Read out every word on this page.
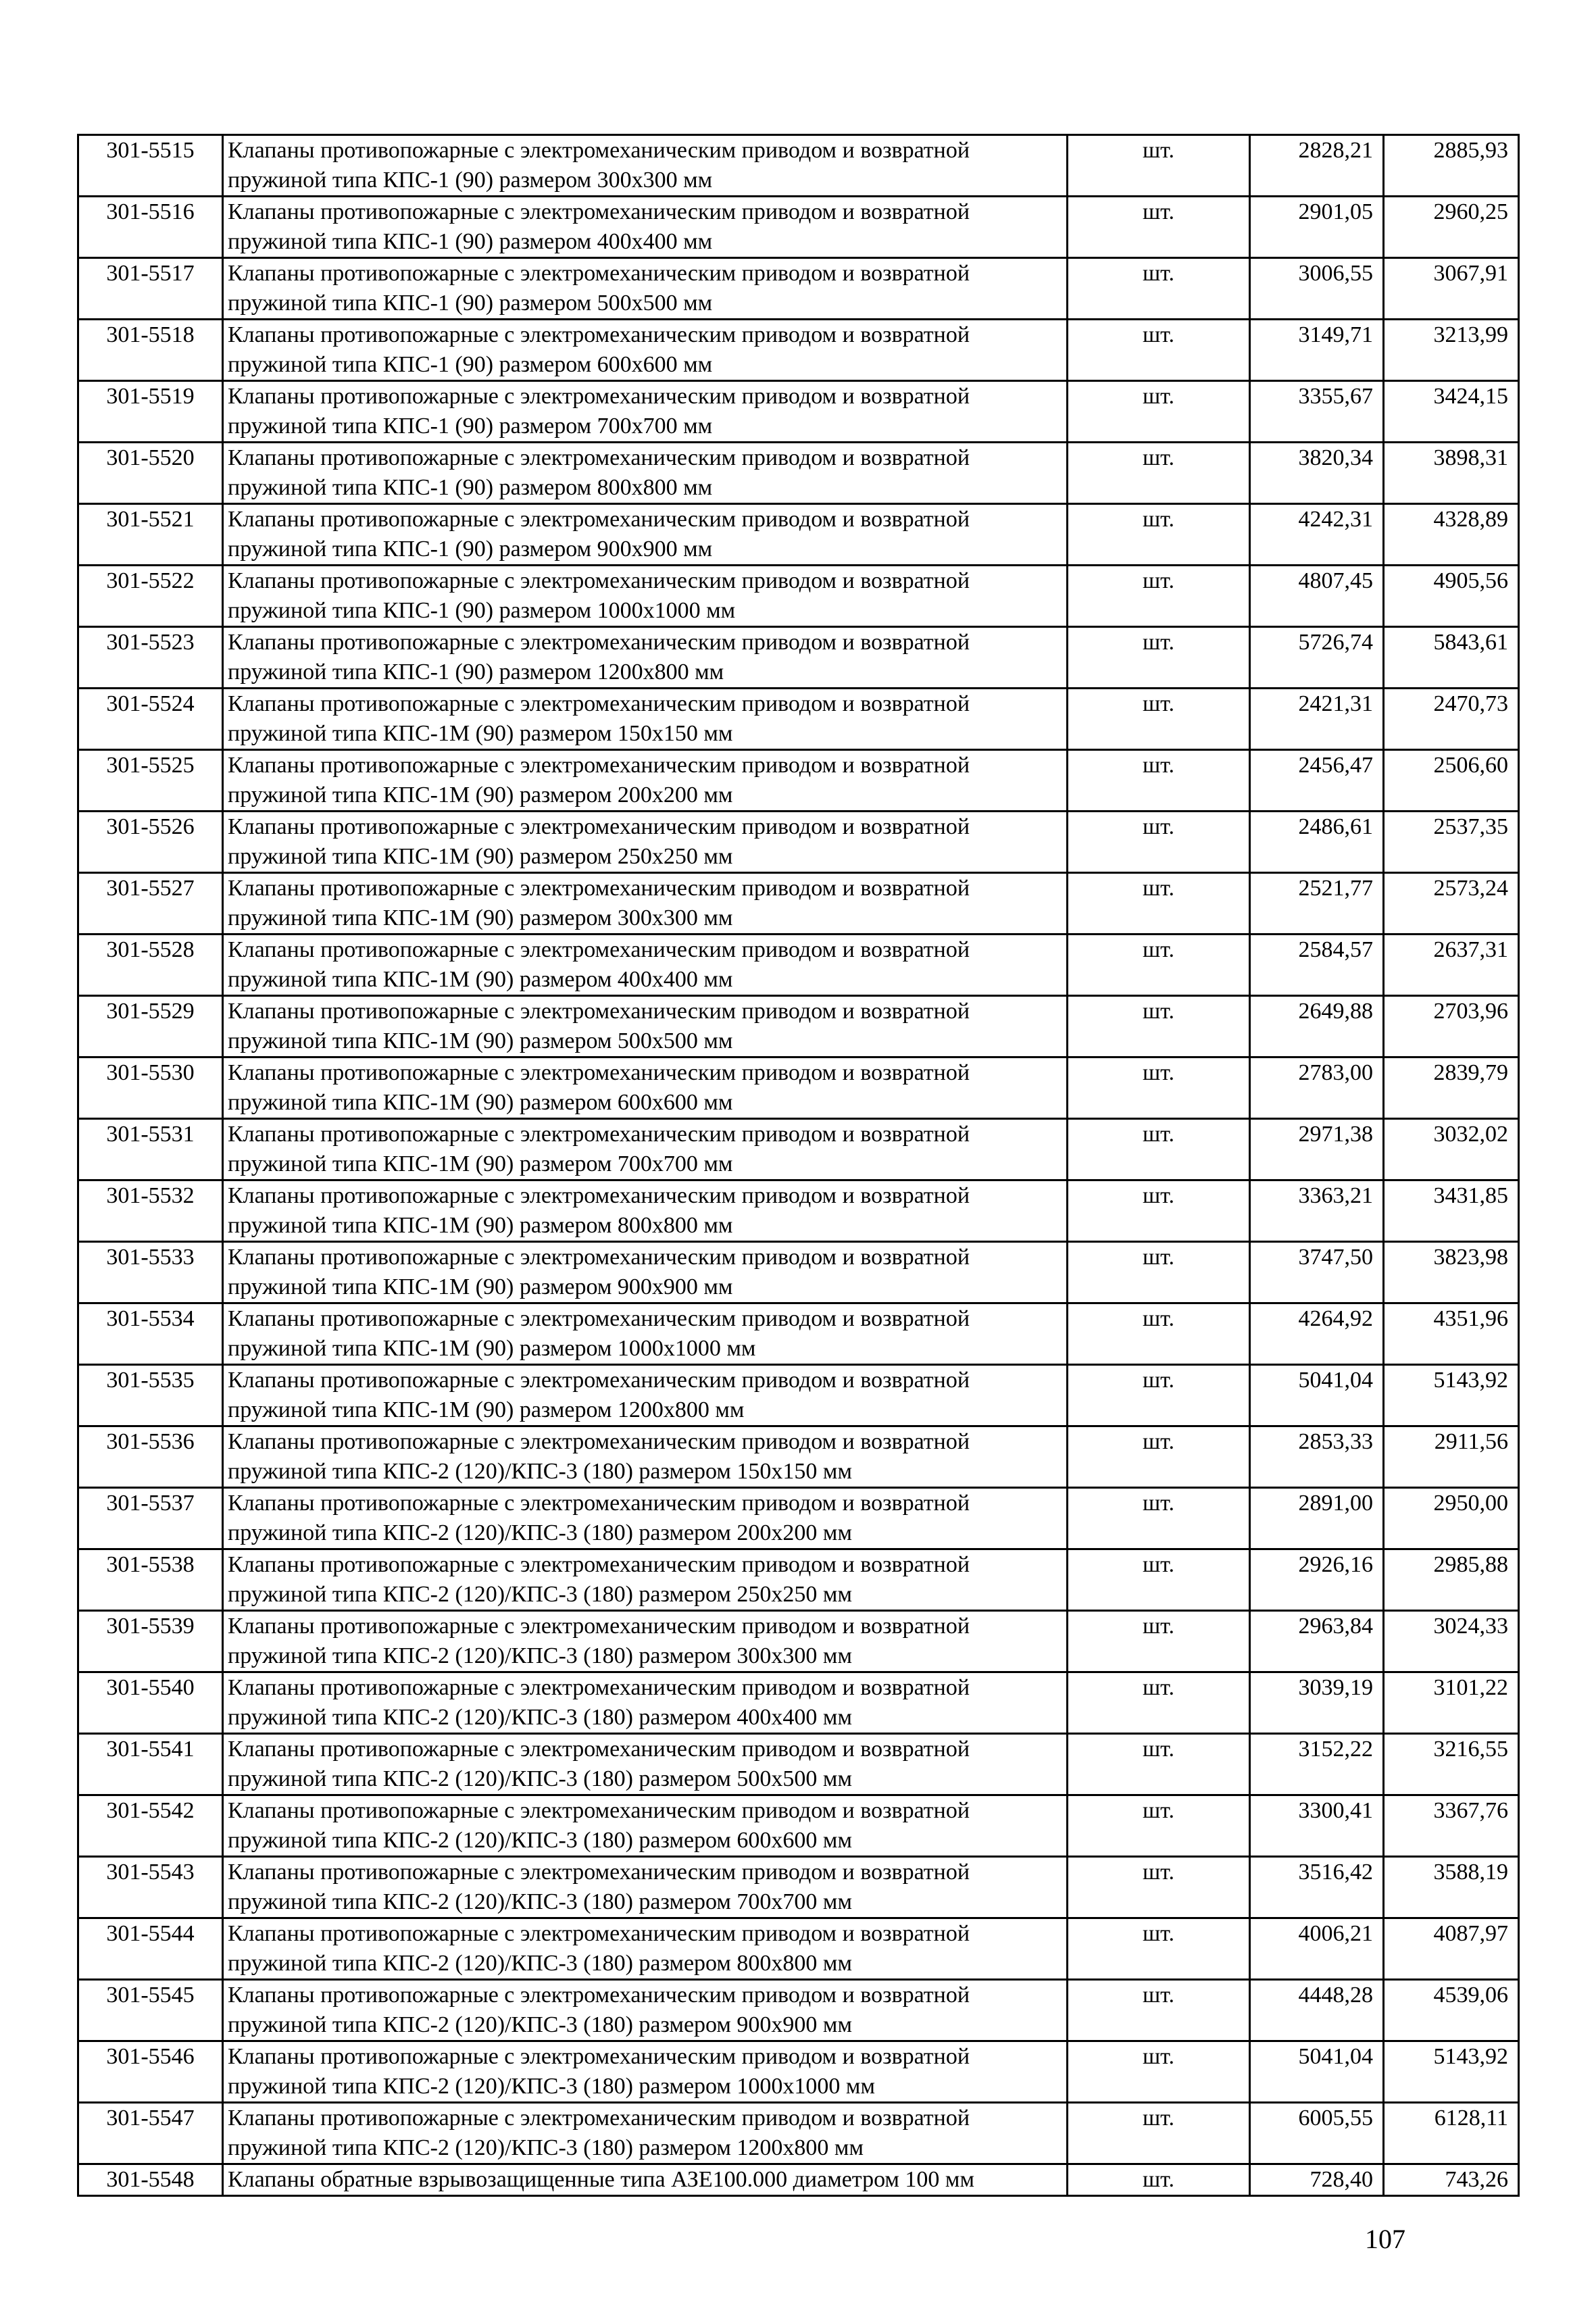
301-5515	Клапаны противопожарные с электромеханическим приводом и возвратной
пружиной типа КПС-1 (90) размером 300х300 мм	шт.	2828,21	2885,93
301-5516	Клапаны противопожарные с электромеханическим приводом и возвратной
пружиной типа КПС-1 (90) размером 400х400 мм	шт.	2901,05	2960,25
301-5517	Клапаны противопожарные с электромеханическим приводом и возвратной
пружиной типа КПС-1 (90) размером 500х500 мм	шт.	3006,55	3067,91
301-5518	Клапаны противопожарные с электромеханическим приводом и возвратной
пружиной типа КПС-1 (90) размером 600х600 мм	шт.	3149,71	3213,99
301-5519	Клапаны противопожарные с электромеханическим приводом и возвратной
пружиной типа КПС-1 (90) размером 700х700 мм	шт.	3355,67	3424,15
301-5520	Клапаны противопожарные с электромеханическим приводом и возвратной
пружиной типа КПС-1 (90) размером 800х800 мм	шт.	3820,34	3898,31
301-5521	Клапаны противопожарные с электромеханическим приводом и возвратной
пружиной типа КПС-1 (90) размером 900х900 мм	шт.	4242,31	4328,89
301-5522	Клапаны противопожарные с электромеханическим приводом и возвратной
пружиной типа КПС-1 (90) размером 1000х1000 мм	шт.	4807,45	4905,56
301-5523	Клапаны противопожарные с электромеханическим приводом и возвратной
пружиной типа КПС-1 (90) размером 1200х800 мм	шт.	5726,74	5843,61
301-5524	Клапаны противопожарные с электромеханическим приводом и возвратной
пружиной типа КПС-1М (90) размером 150х150 мм	шт.	2421,31	2470,73
301-5525	Клапаны противопожарные с электромеханическим приводом и возвратной
пружиной типа КПС-1М (90) размером 200х200 мм	шт.	2456,47	2506,60
301-5526	Клапаны противопожарные с электромеханическим приводом и возвратной
пружиной типа КПС-1М (90) размером 250х250 мм	шт.	2486,61	2537,35
301-5527	Клапаны противопожарные с электромеханическим приводом и возвратной
пружиной типа КПС-1М (90) размером 300х300 мм	шт.	2521,77	2573,24
301-5528	Клапаны противопожарные с электромеханическим приводом и возвратной
пружиной типа КПС-1М (90) размером 400х400 мм	шт.	2584,57	2637,31
301-5529	Клапаны противопожарные с электромеханическим приводом и возвратной
пружиной типа КПС-1М (90) размером 500х500 мм	шт.	2649,88	2703,96
301-5530	Клапаны противопожарные с электромеханическим приводом и возвратной
пружиной типа КПС-1М (90) размером 600х600 мм	шт.	2783,00	2839,79
301-5531	Клапаны противопожарные с электромеханическим приводом и возвратной
пружиной типа КПС-1М (90) размером 700х700 мм	шт.	2971,38	3032,02
301-5532	Клапаны противопожарные с электромеханическим приводом и возвратной
пружиной типа КПС-1М (90) размером 800х800 мм	шт.	3363,21	3431,85
301-5533	Клапаны противопожарные с электромеханическим приводом и возвратной
пружиной типа КПС-1М (90) размером 900х900 мм	шт.	3747,50	3823,98
301-5534	Клапаны противопожарные с электромеханическим приводом и возвратной
пружиной типа КПС-1М (90) размером 1000х1000 мм	шт.	4264,92	4351,96
301-5535	Клапаны противопожарные с электромеханическим приводом и возвратной
пружиной типа КПС-1М (90) размером 1200х800 мм	шт.	5041,04	5143,92
301-5536	Клапаны противопожарные с электромеханическим приводом и возвратной
пружиной типа КПС-2 (120)/КПС-3 (180) размером 150х150 мм	шт.	2853,33	2911,56
301-5537	Клапаны противопожарные с электромеханическим приводом и возвратной
пружиной типа КПС-2 (120)/КПС-3 (180) размером 200х200 мм	шт.	2891,00	2950,00
301-5538	Клапаны противопожарные с электромеханическим приводом и возвратной
пружиной типа КПС-2 (120)/КПС-3 (180) размером 250х250 мм	шт.	2926,16	2985,88
301-5539	Клапаны противопожарные с электромеханическим приводом и возвратной
пружиной типа КПС-2 (120)/КПС-3 (180) размером 300х300 мм	шт.	2963,84	3024,33
301-5540	Клапаны противопожарные с электромеханическим приводом и возвратной
пружиной типа КПС-2 (120)/КПС-3 (180) размером 400х400 мм	шт.	3039,19	3101,22
301-5541	Клапаны противопожарные с электромеханическим приводом и возвратной
пружиной типа КПС-2 (120)/КПС-3 (180) размером 500х500 мм	шт.	3152,22	3216,55
301-5542	Клапаны противопожарные с электромеханическим приводом и возвратной
пружиной типа КПС-2 (120)/КПС-3 (180) размером 600х600 мм	шт.	3300,41	3367,76
301-5543	Клапаны противопожарные с электромеханическим приводом и возвратной
пружиной типа КПС-2 (120)/КПС-3 (180) размером 700х700 мм	шт.	3516,42	3588,19
301-5544	Клапаны противопожарные с электромеханическим приводом и возвратной
пружиной типа КПС-2 (120)/КПС-3 (180) размером 800х800 мм	шт.	4006,21	4087,97
301-5545	Клапаны противопожарные с электромеханическим приводом и возвратной
пружиной типа КПС-2 (120)/КПС-3 (180) размером 900х900 мм	шт.	4448,28	4539,06
301-5546	Клапаны противопожарные с электромеханическим приводом и возвратной
пружиной типа КПС-2 (120)/КПС-3 (180) размером 1000х1000 мм	шт.	5041,04	5143,92
301-5547	Клапаны противопожарные с электромеханическим приводом и возвратной
пружиной типа КПС-2 (120)/КПС-3 (180) размером 1200х800 мм	шт.	6005,55	6128,11
301-5548	Клапаны обратные взрывозащищенные типа АЗЕ100.000 диаметром 100 мм	шт.	728,40	743,26
107
